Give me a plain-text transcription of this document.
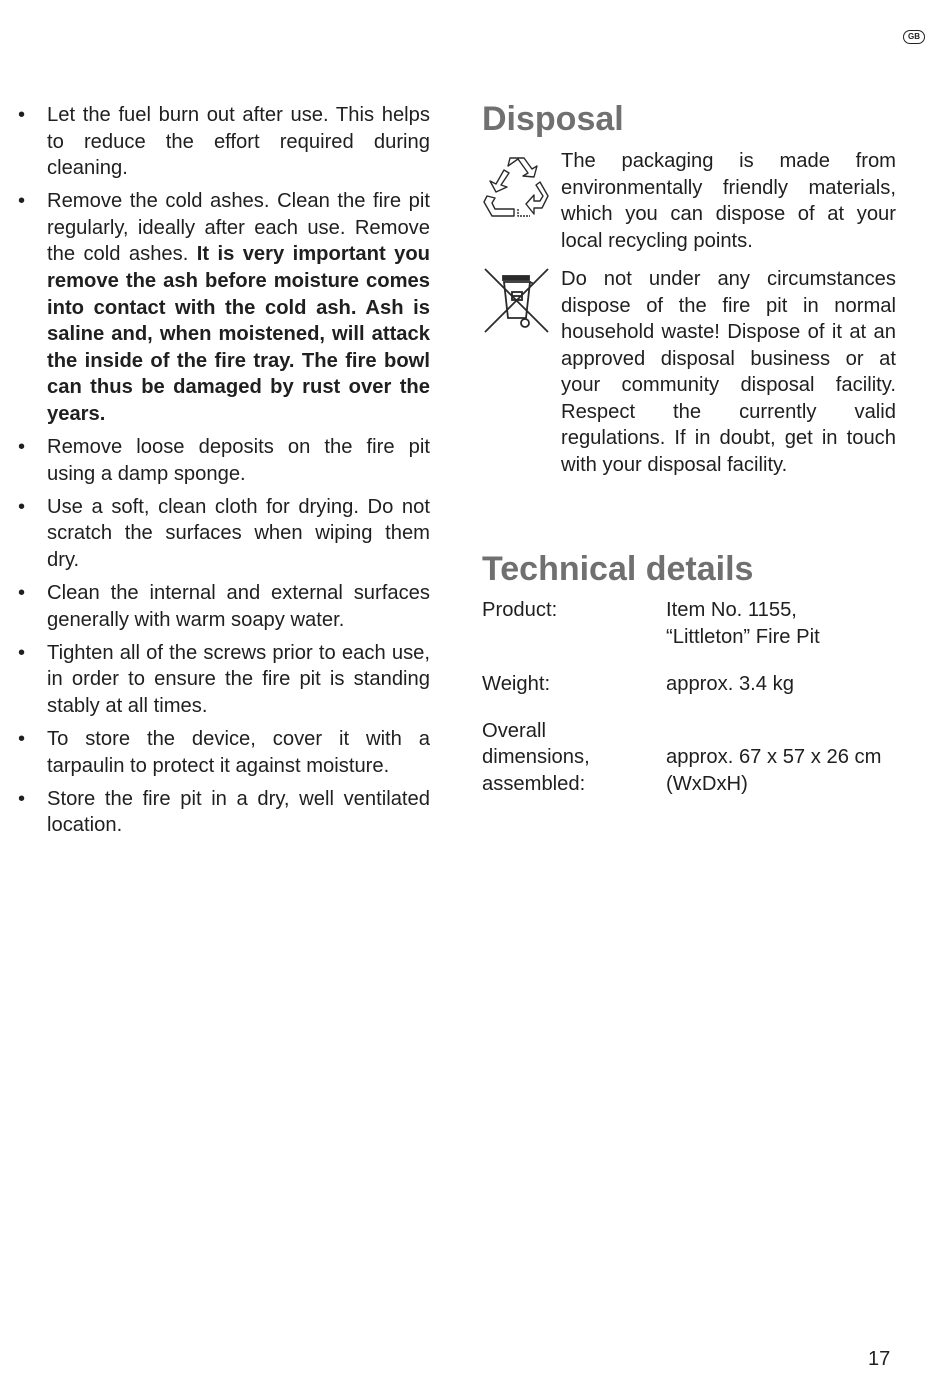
GB
• Let the fuel burn out after use. This helps to reduce the effort required during cleaning.
• Remove the cold ashes. Clean the fire pit regularly, ideally after each use. Remove the cold ashes. It is very important you remove the ash before moisture comes into contact with the cold ash. Ash is saline and, when moistened, will attack the inside of the fire tray. The fire bowl can thus be damaged by rust over the years.
• Remove loose deposits on the fire pit using a damp sponge.
• Use a soft, clean cloth for drying. Do not scratch the surfaces when wiping them dry.
• Clean the internal and external surfaces generally with warm soapy water.
• Tighten all of the screws prior to each use, in order to ensure the fire pit is standing stably at all times.
• To store the device, cover it with a tarpaulin to protect it against moisture.
• Store the fire pit in a dry, well ventilated location.
Disposal

The packaging is made from environmentally friendly materials, which you can dispose of at your local recycling points.

Do not under any circumstances dispose of the fire pit in normal household waste! Dispose of it at an approved disposal business or at your community disposal facility. Respect the currently valid regulations. If in doubt, get in touch with your disposal facility.

Technical details
Product:	Item No. 1155,
“Littleton” Fire Pit
Weight:	approx. 3.4 kg
Overall
dimensions,
assembled:

approx. 67 x 57 x 26 cm
(WxDxH)
17
